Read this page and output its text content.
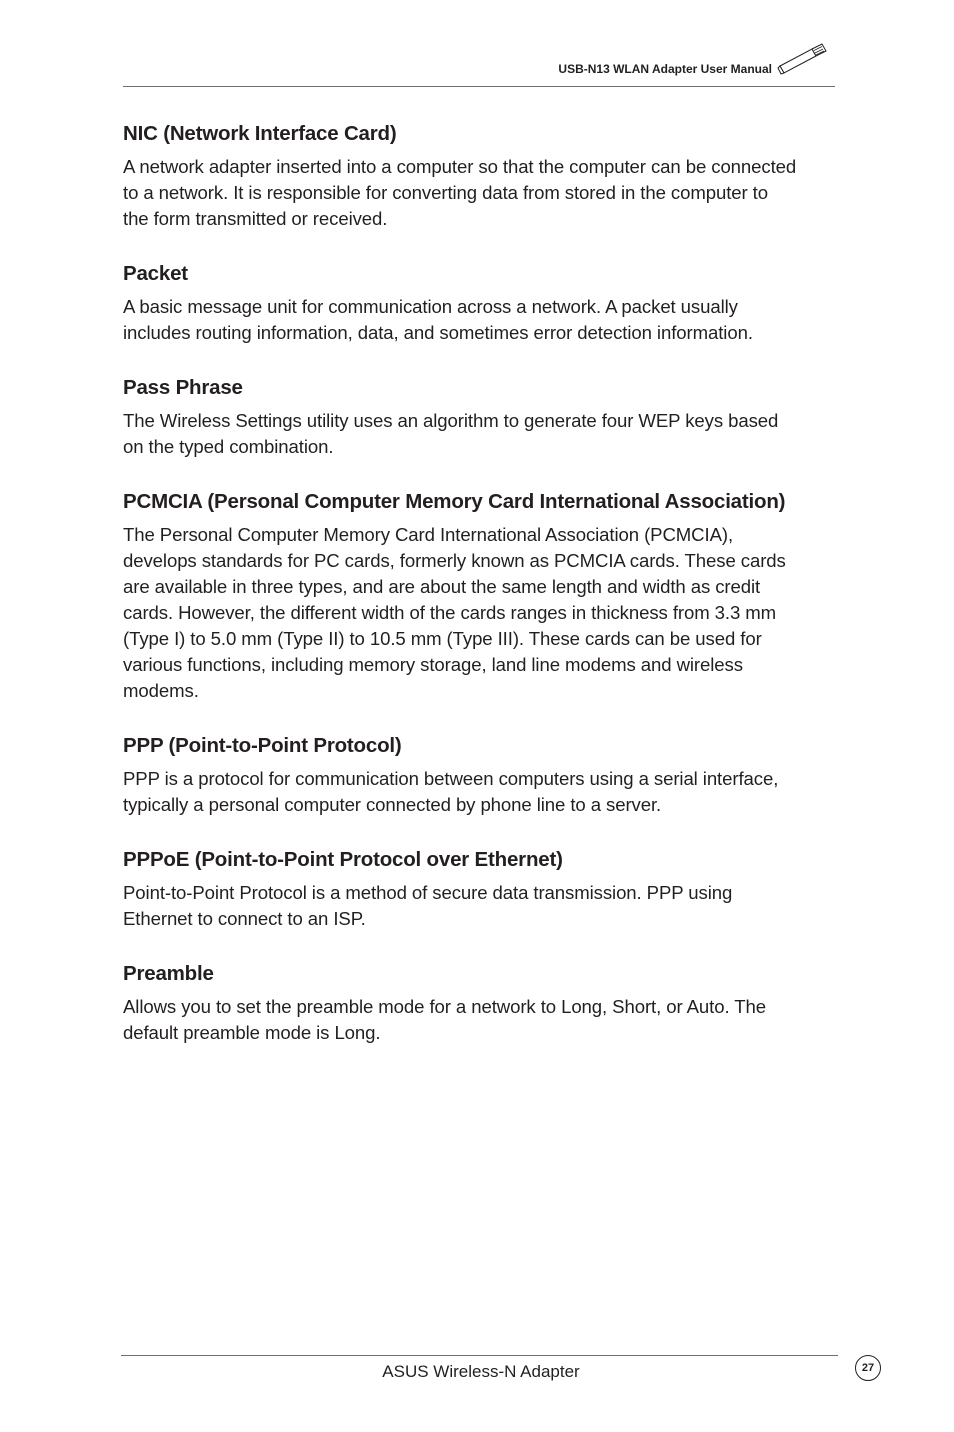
USB-N13 WLAN Adapter User Manual
NIC (Network Interface Card)

A network adapter inserted into a computer so that the computer can be connected
to a network. It is responsible for converting data from stored in the computer to
the form transmitted or received.

Packet

A basic message unit for communication across a network. A packet usually
includes routing information, data, and sometimes error detection information.

Pass Phrase

The Wireless Settings utility uses an algorithm to generate four WEP keys based
on the typed combination.

PCMCIA (Personal Computer Memory Card International Association)

The Personal Computer Memory Card International Association (PCMCIA),
develops standards for PC cards, formerly known as PCMCIA cards. These cards
are available in three types, and are about the same length and width as credit
cards. However, the different width of the cards ranges in thickness from 3.3 mm
(Type I) to 5.0 mm (Type II) to 10.5 mm (Type III). These cards can be used for
various functions, including memory storage, land line modems and wireless
modems.

PPP (Point-to-Point Protocol)

PPP is a protocol for communication between computers using a serial interface,
typically a personal computer connected by phone line to a server.

PPPoE (Point-to-Point Protocol over Ethernet)

Point-to-Point Protocol is a method of secure data transmission. PPP using
Ethernet to connect to an ISP.

Preamble

Allows you to set the preamble mode for a network to Long, Short, or Auto. The
default preamble mode is Long.

ASUS Wireless-N Adapter	27
